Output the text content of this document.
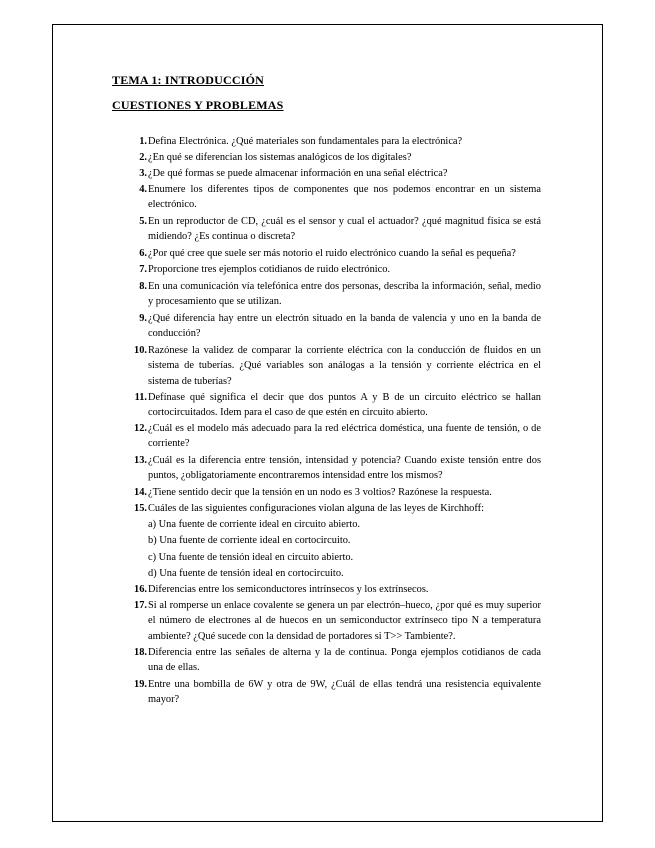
TEMA 1: INTRODUCCIÓN
CUESTIONES Y PROBLEMAS
1. Defina Electrónica. ¿Qué materiales son fundamentales para la electrónica?
2. ¿En qué se diferencian los sistemas analógicos de los digitales?
3. ¿De qué formas se puede almacenar información en una señal eléctrica?
4. Enumere los diferentes tipos de componentes que nos podemos encontrar en un sistema electrónico.
5. En un reproductor de CD, ¿cuál es el sensor y cual el actuador? ¿qué magnitud física se está midiendo? ¿Es continua o discreta?
6. ¿Por qué cree que suele ser más notorio el ruido electrónico cuando la señal es pequeña?
7. Proporcione tres ejemplos cotidianos de ruido electrónico.
8. En una comunicación vía telefónica entre dos personas, describa la información, señal, medio y procesamiento que se utilizan.
9. ¿Qué diferencia hay entre un electrón situado en la banda de valencia y uno en la banda de conducción?
10. Razónese la validez de comparar la corriente eléctrica con la conducción de fluidos en un sistema de tuberías. ¿Qué variables son análogas a la tensión y corriente eléctrica en el sistema de tuberías?
11. Defínase qué significa el decir que dos puntos A y B de un circuito eléctrico se hallan cortocircuitados. Idem para el caso de que estén en circuito abierto.
12. ¿Cuál es el modelo más adecuado para la red eléctrica doméstica, una fuente de tensión, o de corriente?
13. ¿Cuál es la diferencia entre tensión, intensidad y potencia? Cuando existe tensión entre dos puntos, ¿obligatoriamente encontraremos intensidad entre los mismos?
14. ¿Tiene sentido decir que la tensión en un nodo es 3 voltios? Razónese la respuesta.
15. Cuáles de las siguientes configuraciones violan alguna de las leyes de Kirchhoff:
a) Una fuente de corriente ideal en circuito abierto.
b) Una fuente de corriente ideal en cortocircuito.
c) Una fuente de tensión ideal en circuito abierto.
d) Una fuente de tensión ideal en cortocircuito.
16. Diferencias entre los semiconductores intrínsecos y los extrínsecos.
17. Si al romperse un enlace covalente se genera un par electrón–hueco, ¿por qué es muy superior el número de electrones al de huecos en un semiconductor extrínseco tipo N a temperatura ambiente? ¿Qué sucede con la densidad de portadores si T>> Tambiente?.
18. Diferencia entre las señales de alterna y la de continua. Ponga ejemplos cotidianos de cada una de ellas.
19. Entre una bombilla de 6W y otra de 9W, ¿Cuál de ellas tendrá una resistencia equivalente mayor?
